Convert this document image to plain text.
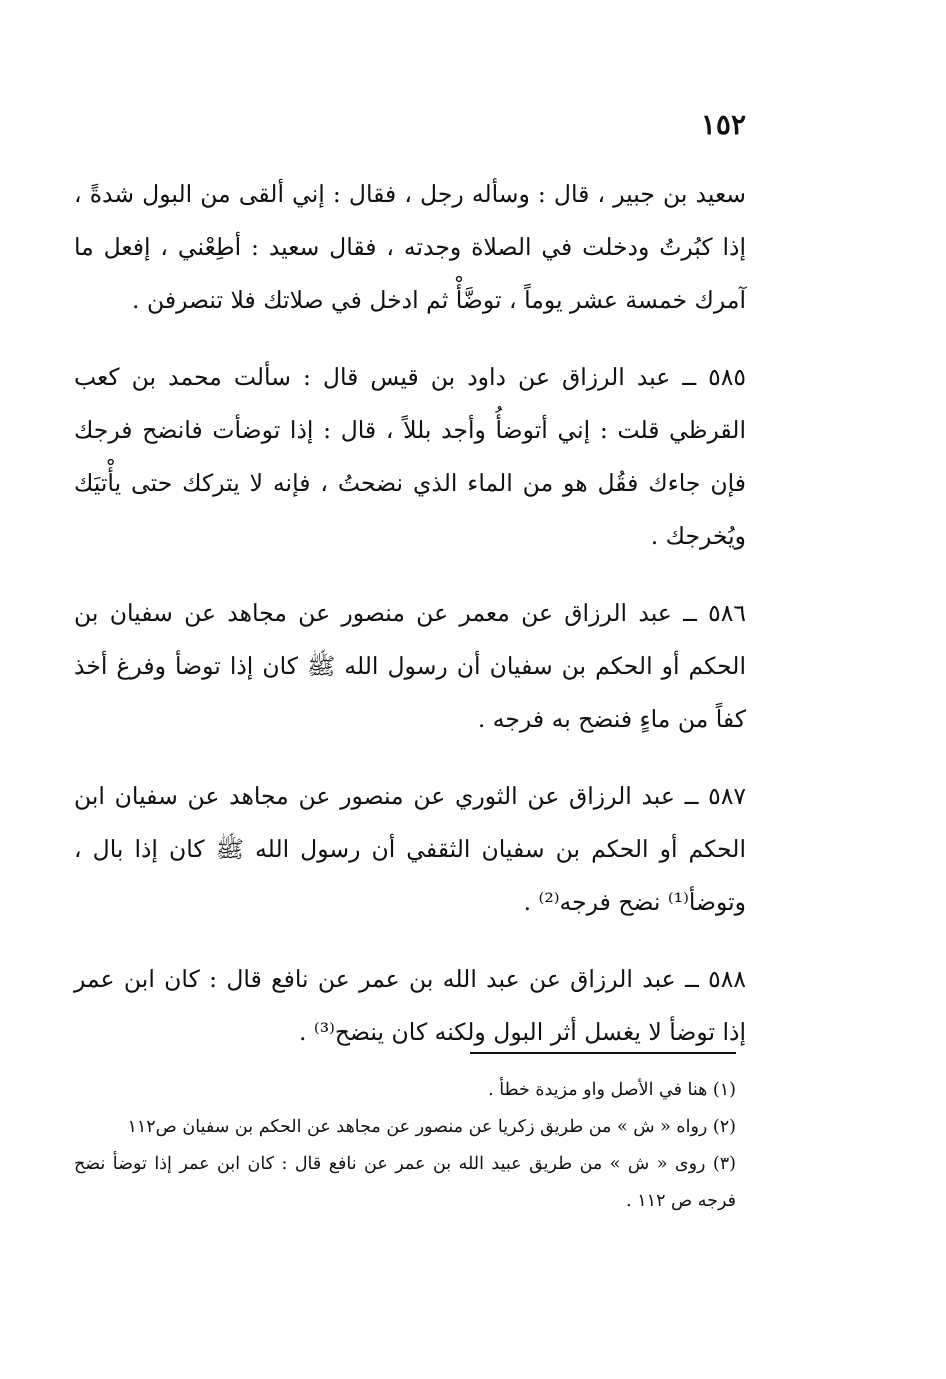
١٥٢

سعيد بن جبير ، قال : وسأله رجل ، فقال : إني ألقى من البول شدةً ، إذا كبُرتُ ودخلت في الصلاة وجدته ، فقال سعيد : أطِعْني ، إفعل ما آمرك خمسة عشر يوماً ، توضَّأْ ثم ادخل في صلاتك فلا تنصرفن .

٥٨٥ ــ عبد الرزاق عن داود بن قيس قال : سألت محمد بن كعب القرظي قلت : إني أتوضأُ وأجد بللاً ، قال : إذا توضأت فانضح فرجك فإن جاءك فقُل هو من الماء الذي نضحتُ ، فإنه لا يتركك حتى يأْتيَك ويُخرجك .

٥٨٦ ــ عبد الرزاق عن معمر عن منصور عن مجاهد عن سفيان بن الحكم أو الحكم بن سفيان أن رسول الله ﷺ كان إذا توضأ وفرغ أخذ كفاً من ماءٍ فنضح به فرجه .

٥٨٧ ــ عبد الرزاق عن الثوري عن منصور عن مجاهد عن سفيان ابن الحكم أو الحكم بن سفيان الثقفي أن رسول الله ﷺ كان إذا بال ، وتوضأ⁽¹⁾ نضح فرجه⁽²⁾ .

٥٨٨ ــ عبد الرزاق عن عبد الله بن عمر عن نافع قال : كان ابن عمر إذا توضأ لا يغسل أثر البول ولكنه كان ينضح⁽³⁾ .

(١) هنا في الأصل واو مزيدة خطأ .

(٢) رواه « ش » من طريق زكريا عن منصور عن مجاهد عن الحكم بن سفيان ص١١٢

(٣) روى « ش » من طريق عبيد الله بن عمر عن نافع قال : كان ابن عمر إذا توضأ نضح فرجه ص ١١٢ .
